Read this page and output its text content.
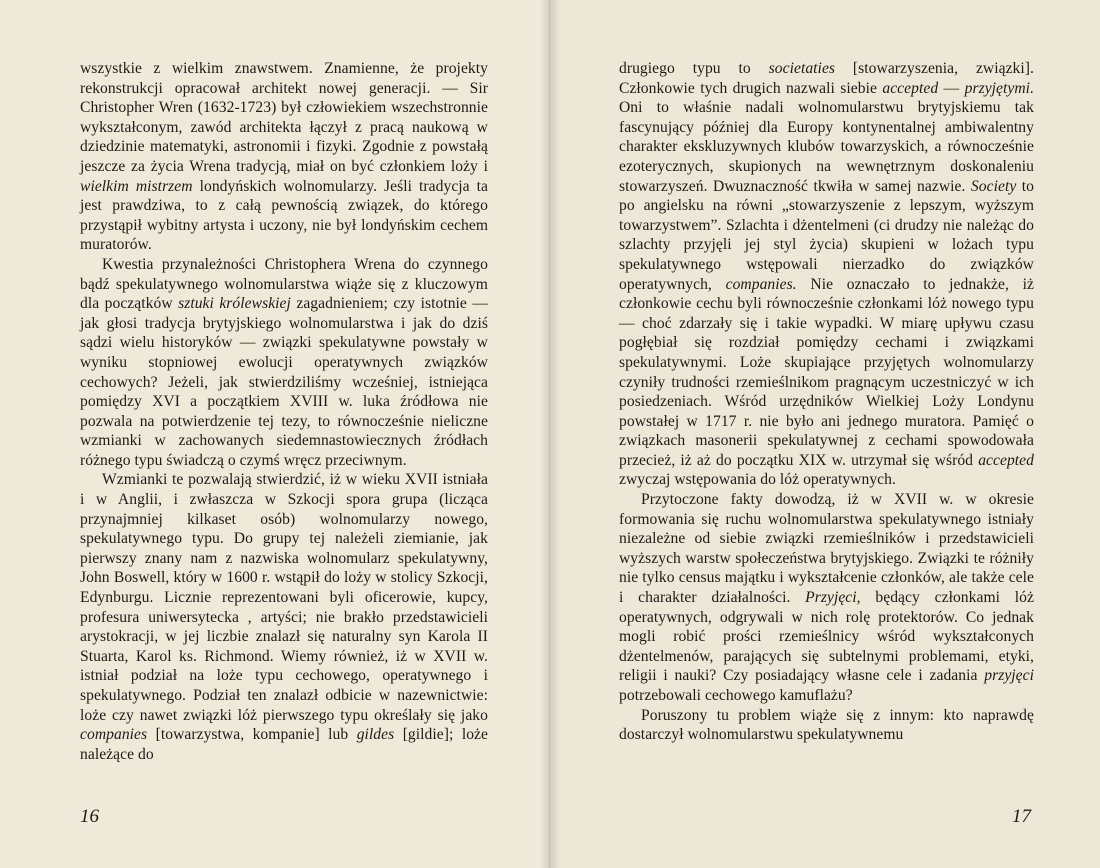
wszystkie z wielkim znawstwem. Znamienne, że projekty rekonstrukcji opracował architekt nowej generacji. — Sir Christopher Wren (1632-1723) był człowiekiem wszechstronnie wykształconym, zawód architekta łączył z pracą naukową w dziedzinie matematyki, astronomii i fizyki. Zgodnie z powstałą jeszcze za życia Wrena tradycją, miał on być członkiem loży i wielkim mistrzem londyńskich wolnomularzy. Jeśli tradycja ta jest prawdziwa, to z całą pewnością związek, do którego przystąpił wybitny artysta i uczony, nie był londyńskim cechem muratorów.

Kwestia przynależności Christophera Wrena do czynnego bądź spekulatywnego wolnomularstwa wiąże się z kluczowym dla początków sztuki królewskiej zagadnieniem; czy istotnie — jak głosi tradycja brytyjskiego wolnomularstwa i jak do dziś sądzi wielu historyków — związki spekulatywne powstały w wyniku stopniowej ewolucji operatywnych związków cechowych? Jeżeli, jak stwierdziliśmy wcześniej, istniejąca pomiędzy XVI a początkiem XVIII w. luka źródłowa nie pozwala na potwierdzenie tej tezy, to równocześnie nieliczne wzmianki w zachowanych siedemnastowiecznych źródłach różnego typu świadczą o czymś wręcz przeciwnym.

Wzmianki te pozwalają stwierdzić, iż w wieku XVII istniała i w Anglii, i zwłaszcza w Szkocji spora grupa (licząca przynajmniej kilkaset osób) wolnomularzy nowego, spekulatywnego typu. Do grupy tej należeli ziemianie, jak pierwszy znany nam z nazwiska wolnomularz spekulatywny, John Boswell, który w 1600 r. wstąpił do loży w stolicy Szkocji, Edynburgu. Licznie reprezentowani byli oficerowie, kupcy, profesura uniwersytecka , artyści; nie brakło przedstawicieli arystokracji, w jej liczbie znalazł się naturalny syn Karola II Stuarta, Karol ks. Richmond. Wiemy również, iż w XVII w. istniał podział na loże typu cechowego, operatywnego i spekulatywnego. Podział ten znalazł odbicie w nazewnictwie: loże czy nawet związki lóż pierwszego typu określały się jako companies [towarzystwa, kompanie] lub gildes [gildie]; loże należące do

16

drugiego typu to societaties [stowarzyszenia, związki]. Członkowie tych drugich nazwali siebie accepted — przyjętymi. Oni to właśnie nadali wolnomularstwu brytyjskiemu tak fascynujący później dla Europy kontynentalnej ambiwalentny charakter ekskluzywnych klubów towarzyskich, a równocześnie ezoterycznych, skupionych na wewnętrznym doskonaleniu stowarzyszeń. Dwuznaczność tkwiła w samej nazwie. Society to po angielsku na równi „stowarzyszenie z lepszym, wyższym towarzystwem”. Szlachta i dżentelmeni (ci drudzy nie należąc do szlachty przyjęli jej styl życia) skupieni w lożach typu spekulatywnego wstępowali nierzadko do związków operatywnych, companies. Nie oznaczało to jednakże, iż członkowie cechu byli równocześnie członkami lóż nowego typu — choć zdarzały się i takie wypadki. W miarę upływu czasu pogłębiał się rozdział pomiędzy cechami i związkami spekulatywnymi. Loże skupiające przyjętych wolnomularzy czyniły trudności rzemieślnikom pragnącym uczestniczyć w ich posiedzeniach. Wśród urzędników Wielkiej Loży Londynu powstałej w 1717 r. nie było ani jednego muratora. Pamięć o związkach masonerii spekulatywnej z cechami spowodowała przecież, iż aż do początku XIX w. utrzymał się wśród accepted zwyczaj wstępowania do lóż operatywnych.

Przytoczone fakty dowodzą, iż w XVII w. w okresie formowania się ruchu wolnomularstwa spekulatywnego istniały niezależne od siebie związki rzemieślników i przedstawicieli wyższych warstw społeczeństwa brytyjskiego. Związki te różniły nie tylko census majątku i wykształcenie członków, ale także cele i charakter działalności. Przyjęci, będący członkami lóż operatywnych, odgrywali w nich rolę protektorów. Co jednak mogli robić prości rzemieślnicy wśród wykształconych dżentelmenów, parających się subtelnymi problemami, etyki, religii i nauki? Czy posiadający własne cele i zadania przyjęci potrzebowali cechowego kamuflażu?

Poruszony tu problem wiąże się z innym: kto naprawdę dostarczył wolnomularstwu spekulatywnemu

17
